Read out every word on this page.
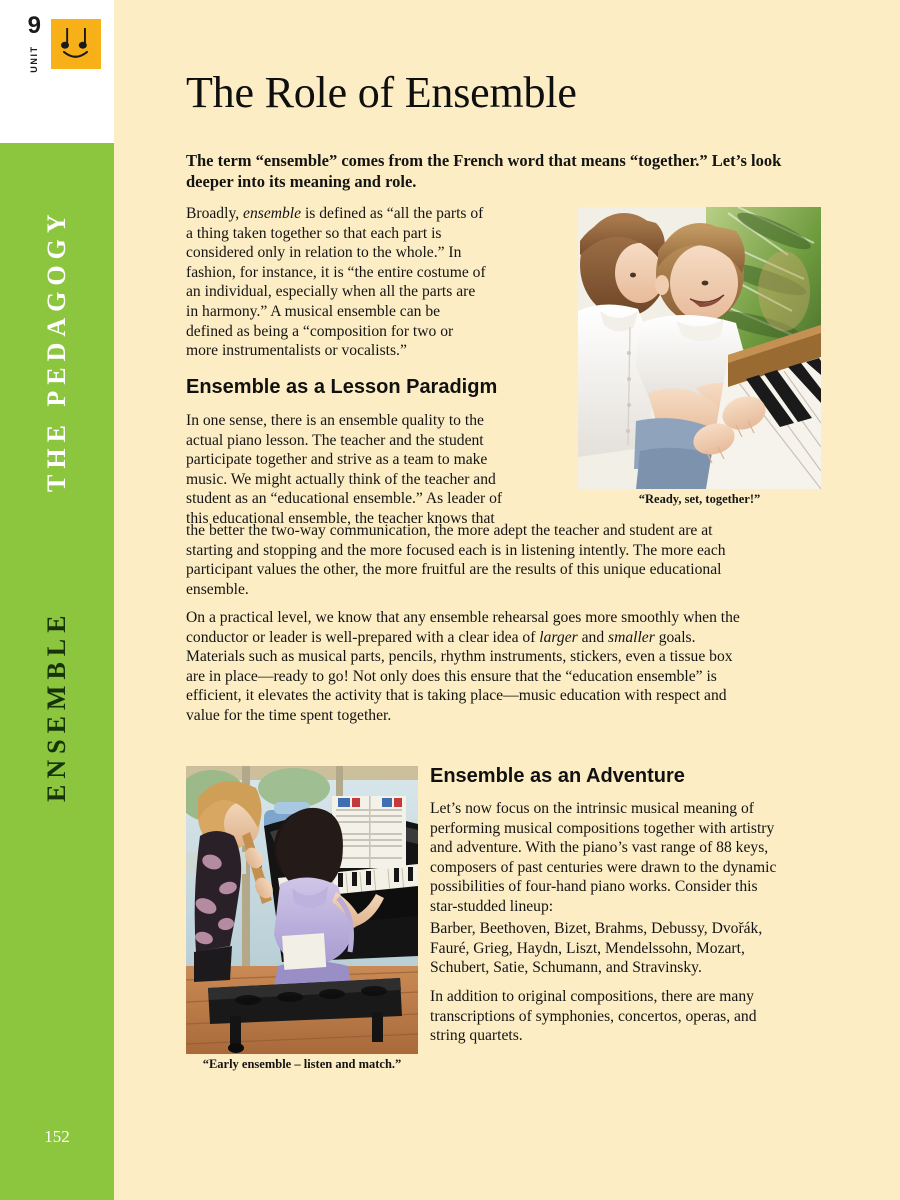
9
UNIT
ENSEMBLE
152
The Role of Ensemble
The term “ensemble” comes from the French word that means “together.” Let’s look deeper into its meaning and role.
“Ready, set, together!”
Broadly, ensemble is defined as “all the parts of a thing taken together so that each part is considered only in relation to the whole.” In fashion, for instance, it is “the entire costume of an individual, especially when all the parts are in harmony.” A musical ensemble can be defined as being a “composition for two or more instrumentalists or vocalists.”
Ensemble as a Lesson Paradigm
In one sense, there is an ensemble quality to the actual piano lesson. The teacher and the student participate together and strive as a team to make music. We might actually think of the teacher and student as an “educational ensemble.” As leader of this educational ensemble, the teacher knows that
the better the two-way communication, the more adept the teacher and student are at starting and stopping and the more focused each is in listening intently. The more each participant values the other, the more fruitful are the results of this unique educational ensemble.
On a practical level, we know that any ensemble rehearsal goes more smoothly when the conductor or leader is well-prepared with a clear idea of larger and smaller goals. Materials such as musical parts, pencils, rhythm instruments, stickers, even a tissue box are in place—ready to go! Not only does this ensure that the “education ensemble” is efficient, it elevates the activity that is taking place—music education with respect and value for the time spent together.
“Early ensemble – listen and match.”
Ensemble as an Adventure
Let’s now focus on the intrinsic musical meaning of performing musical compositions together with artistry and adventure. With the piano’s vast range of 88 keys, composers of past centuries were drawn to the dynamic possibilities of four-hand piano works. Consider this star-studded lineup:
Barber, Beethoven, Bizet, Brahms, Debussy, Dvořák, Fauré, Grieg, Haydn, Liszt, Mendelssohn, Mozart, Schubert, Satie, Schumann, and Stravinsky.
In addition to original compositions, there are many transcriptions of symphonies, concertos, operas, and string quartets.
